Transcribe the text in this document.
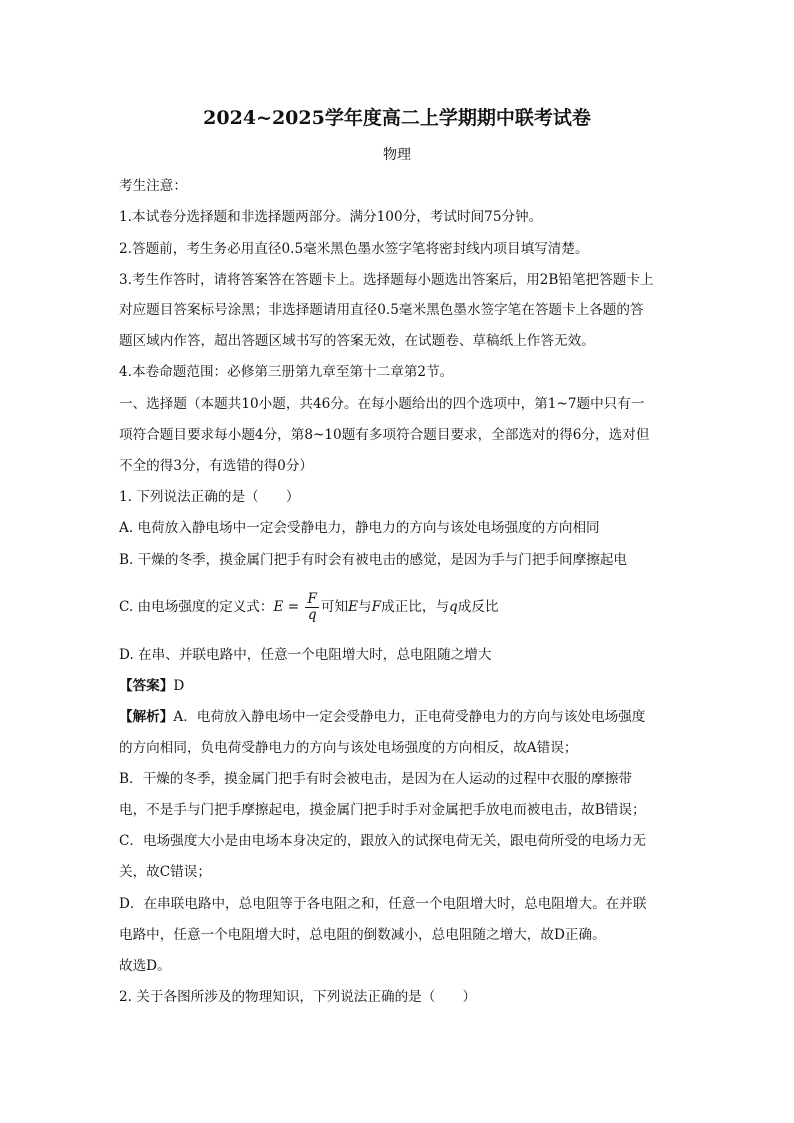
2024~2025学年度高二上学期期中联考试卷
物理
考生注意：
1.本试卷分选择题和非选择题两部分。满分100分，考试时间75分钟。
2.答题前，考生务必用直径0.5毫米黑色墨水签字笔将密封线内项目填写清楚。
3.考生作答时，请将答案答在答题卡上。选择题每小题选出答案后，用2B铅笔把答题卡上
对应题目答案标号涂黑；非选择题请用直径0.5毫米黑色墨水签字笔在答题卡上各题的答
题区域内作答，超出答题区域书写的答案无效，在试题卷、草稿纸上作答无效。
4.本卷命题范围：必修第三册第九章至第十二章第2节。
一、选择题（本题共10小题，共46分。在每小题给出的四个选项中，第1~7题中只有一
项符合题目要求每小题4分，第8~10题有多项符合题目要求，全部选对的得6分，选对但
不全的得3分，有选错的得0分）
1. 下列说法正确的是（　　）
A. 电荷放入静电场中一定会受静电力，静电力的方向与该处电场强度的方向相同
B. 干燥的冬季，摸金属门把手有时会有被电击的感觉，是因为手与门把手间摩擦起电
C. 由电场强度的定义式：$E = \frac{F}{q}$ 可知E与F成正比，与q成反比
D. 在串、并联电路中，任意一个电阻增大时，总电阻随之增大
【答案】D
【解析】A．电荷放入静电场中一定会受静电力，正电荷受静电力的方向与该处电场强度
的方向相同，负电荷受静电力的方向与该处电场强度的方向相反，故A错误；
B．干燥的冬季，摸金属门把手有时会被电击，是因为在人运动的过程中衣服的摩擦带
电，不是手与门把手摩擦起电，摸金属门把手时手对金属把手放电而被电击，故B错误；
C．电场强度大小是由电场本身决定的，跟放入的试探电荷无关，跟电荷所受的电场力无
关，故C错误；
D．在串联电路中，总电阻等于各电阻之和，任意一个电阻增大时，总电阻增大。在并联
电路中，任意一个电阻增大时，总电阻的倒数减小，总电阻随之增大，故D正确。
故选D。
2. 关于各图所涉及的物理知识，下列说法正确的是（　　）
